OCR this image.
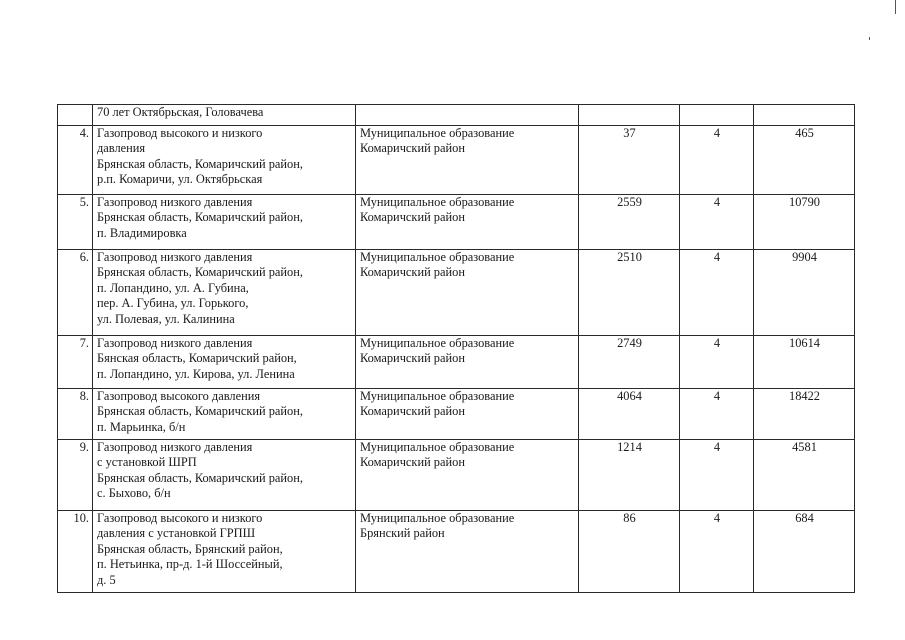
	70 лет Октябрьская, Головачева				
4.	Газопровод высокого и низкого
давления
Брянская область, Комаричский район,
р.п. Комаричи, ул. Октябрьская	Муниципальное образование
Комаричский район	37	4	465
5.	Газопровод низкого давления
Брянская область, Комаричский район,
п. Владимировка	Муниципальное образование
Комаричский район	2559	4	10790
6.	Газопровод низкого давления
Брянская область, Комаричский район,
п. Лопандино, ул. А. Губина,
пер. А. Губина, ул. Горького,
ул. Полевая, ул. Калинина	Муниципальное образование
Комаричский район	2510	4	9904
7.	Газопровод низкого давления
Бянская область, Комаричский район,
п. Лопандино, ул. Кирова, ул. Ленина	Муниципальное образование
Комаричский район	2749	4	10614
8.	Газопровод высокого давления
Брянская область, Комаричский район,
п. Марьинка, б/н	Муниципальное образование
Комаричский район	4064	4	18422
9.	Газопровод низкого давления
с установкой ШРП
Брянская область, Комаричский район,
с. Быхово, б/н	Муниципальное образование
Комаричский район	1214	4	4581
10.	Газопровод высокого и низкого
давления с установкой ГРПШ
Брянская область, Брянский район,
п. Нетьинка, пр-д. 1-й Шоссейный,
д. 5	Муниципальное образование
Брянский район	86	4	684
